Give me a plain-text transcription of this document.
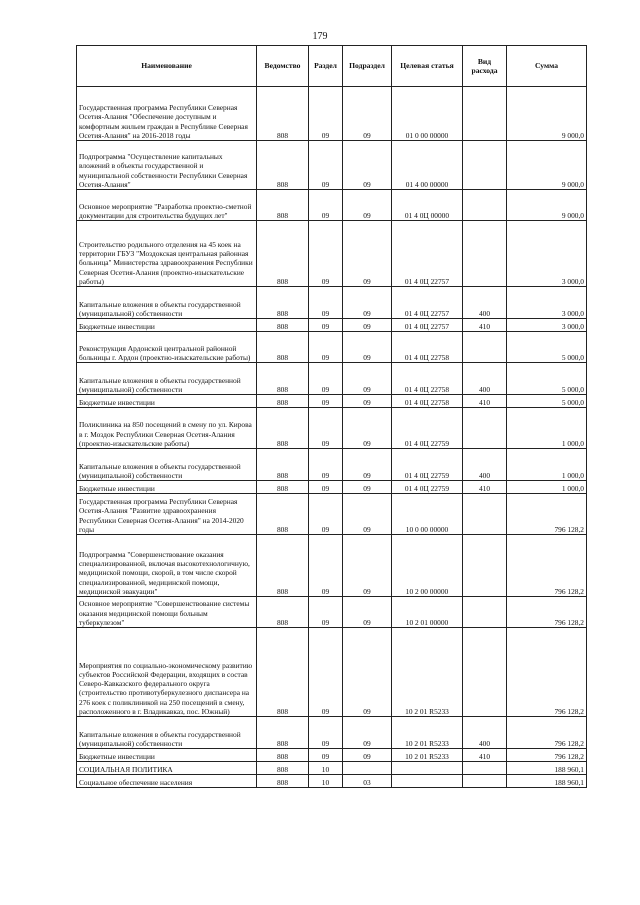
179
Наименование	Ведомство	Раздел	Подраздел	Целевая статья	Вид расхода	Сумма
Государственная программа Республики Северная Осетия-Алания "Обеспечение доступным и комфортным жильем граждан в Республике Северная Осетия-Алания" на 2016-2018 годы	808	09	09	01 0 00 00000		9 000,0
Подпрограмма "Осуществление капитальных вложений в объекты государственной и муниципальной собственности Республики Северная Осетия-Алания"	808	09	09	01 4 00 00000		9 000,0
Основное мероприятие "Разработка проектно-сметной документации для строительства будущих лет"	808	09	09	01 4 0Ц 00000		9 000,0
Строительство родильного отделения на 45 коек на территории ГБУЗ "Моздокская центральная районная больница" Министерства здравоохранения Республики Северная Осетия-Алания (проектно-изыскательские работы)	808	09	09	01 4 0Ц 22757		3 000,0
Капитальные вложения в объекты государственной (муниципальной) собственности	808	09	09	01 4 0Ц 22757	400	3 000,0
Бюджетные инвестиции	808	09	09	01 4 0Ц 22757	410	3 000,0
Реконструкция Ардонской центральной районной больницы г. Ардон (проектно-изыскательские работы)	808	09	09	01 4 0Ц 22758		5 000,0
Капитальные вложения в объекты государственной (муниципальной) собственности	808	09	09	01 4 0Ц 22758	400	5 000,0
Бюджетные инвестиции	808	09	09	01 4 0Ц 22758	410	5 000,0
Поликлиника на 850 посещений в смену по ул. Кирова в г. Моздок Республики Северная Осетия-Алания (проектно-изыскательские работы)	808	09	09	01 4 0Ц 22759		1 000,0
Капитальные вложения в объекты государственной (муниципальной) собственности	808	09	09	01 4 0Ц 22759	400	1 000,0
Бюджетные инвестиции	808	09	09	01 4 0Ц 22759	410	1 000,0
Государственная программа Республики Северная Осетия-Алания "Развитие здравоохранения Республики Северная Осетия-Алания" на 2014-2020 годы	808	09	09	10 0 00 00000		796 128,2
Подпрограмма "Совершенствование оказания специализированной, включая высокотехнологичную, медицинской помощи, скорой, в том числе скорой специализированной, медицинской помощи, медицинской эвакуации"	808	09	09	10 2 00 00000		796 128,2
Основное мероприятие "Совершенствование системы оказания медицинской помощи больным туберкулезом"	808	09	09	10 2 01 00000		796 128,2
Мероприятия по социально-экономическому развитию субъектов Российской Федерации, входящих в состав Северо-Кавказского федерального округа (строительство противотуберкулезного диспансера на 276 коек с поликлиникой на 250 посещений в смену, расположенного в г. Владикавказ, пос. Южный)	808	09	09	10 2 01 R5233		796 128,2
Капитальные вложения в объекты государственной (муниципальной) собственности	808	09	09	10 2 01 R5233	400	796 128,2
Бюджетные инвестиции	808	09	09	10 2 01 R5233	410	796 128,2
СОЦИАЛЬНАЯ ПОЛИТИКА	808	10				188 960,1
Социальное обеспечение населения	808	10	03			188 960,1
